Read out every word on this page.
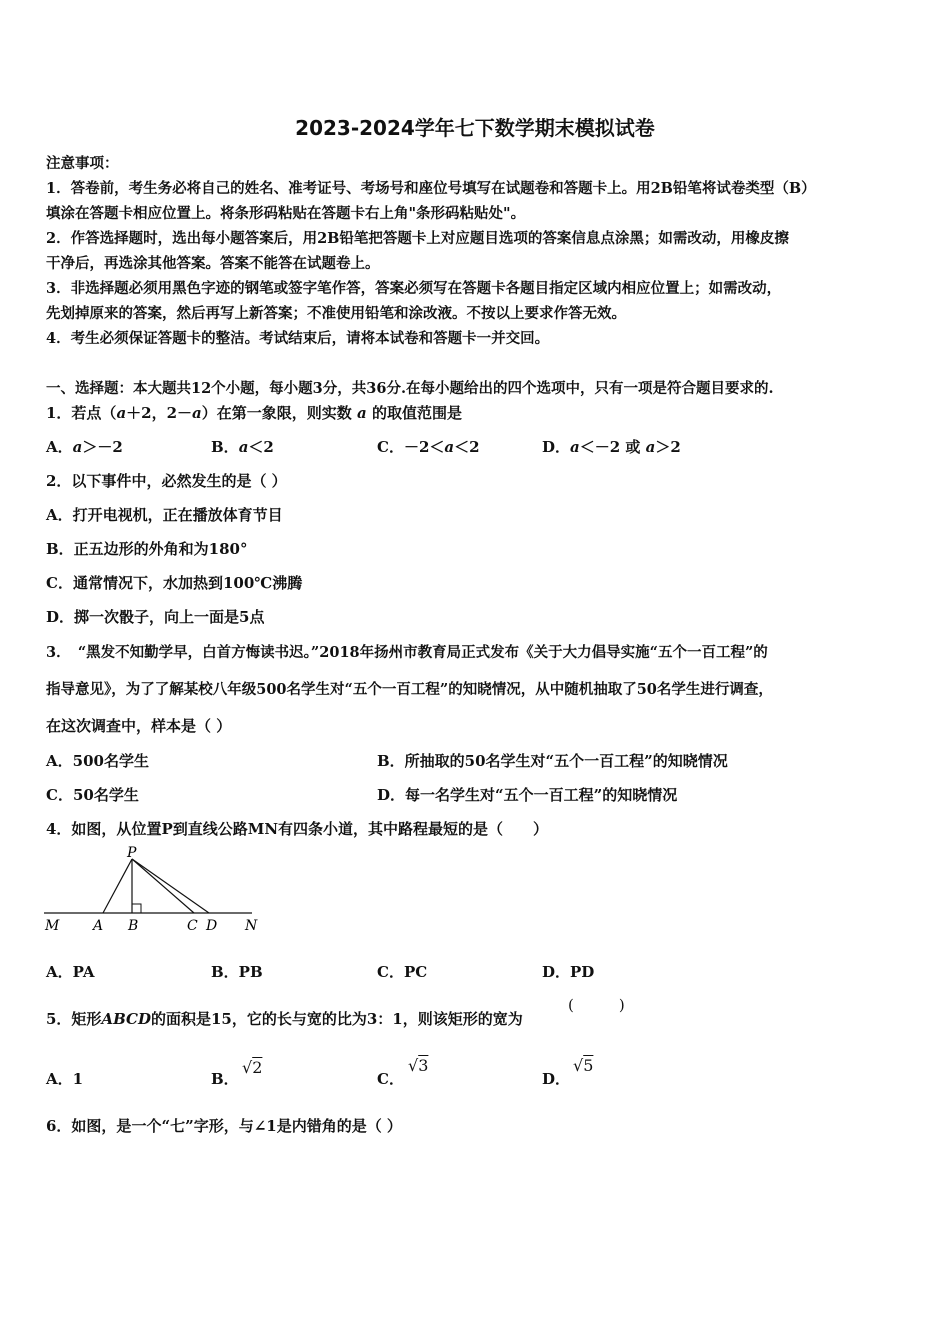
2023-2024学年七下数学期末模拟试卷
注意事项：
1．答卷前，考生务必将自己的姓名、准考证号、考场号和座位号填写在试题卷和答题卡上。用2B铅笔将试卷类型（B）
填涂在答题卡相应位置上。将条形码粘贴在答题卡右上角"条形码粘贴处"。
2．作答选择题时，选出每小题答案后，用2B铅笔把答题卡上对应题目选项的答案信息点涂黑；如需改动，用橡皮擦
干净后，再选涂其他答案。答案不能答在试题卷上。
3．非选择题必须用黑色字迹的钢笔或签字笔作答，答案必须写在答题卡各题目指定区域内相应位置上；如需改动，
先划掉原来的答案，然后再写上新答案；不准使用铅笔和涂改液。不按以上要求作答无效。
4．考生必须保证答题卡的整洁。考试结束后，请将本试卷和答题卡一并交回。
一、选择题：本大题共12个小题，每小题3分，共36分.在每小题给出的四个选项中，只有一项是符合题目要求的.
1．若点（a＋2，2－a）在第一象限，则实数 a 的取值范围是
A．a＞－2	B．a＜2	C．－2＜a＜2	D．a＜－2 或 a＞2
2．以下事件中，必然发生的是（ ）
A．打开电视机，正在播放体育节目
B．正五边形的外角和为180°
C．通常情况下，水加热到100℃沸腾
D．掷一次骰子，向上一面是5点
3．　“黑发不知勤学早，白首方悔读书迟。”2018年扬州市教育局正式发布《关于大力倡导实施“五个一百工程”的
指导意见》，为了了解某校八年级500名学生对“五个一百工程”的知晓情况，从中随机抽取了50名学生进行调查，
在这次调查中，样本是（ ）
A．500名学生	B．所抽取的50名学生对“五个一百工程”的知晓情况
C．50名学生	D．每一名学生对“五个一百工程”的知晓情况
4．如图，从位置P到直线公路MN有四条小道，其中路程最短的是（　　）
P
M A B	C D N
A．PA	B．PB	C．PC	D．PD
5．矩形ABCD的面积是15，它的长与宽的比为3：1，则该矩形的宽为
(　　　)
A．1	B．
√2
C．
√3
D．
√5
6．如图，是一个“七”字形，与∠1是内错角的是（ ）
